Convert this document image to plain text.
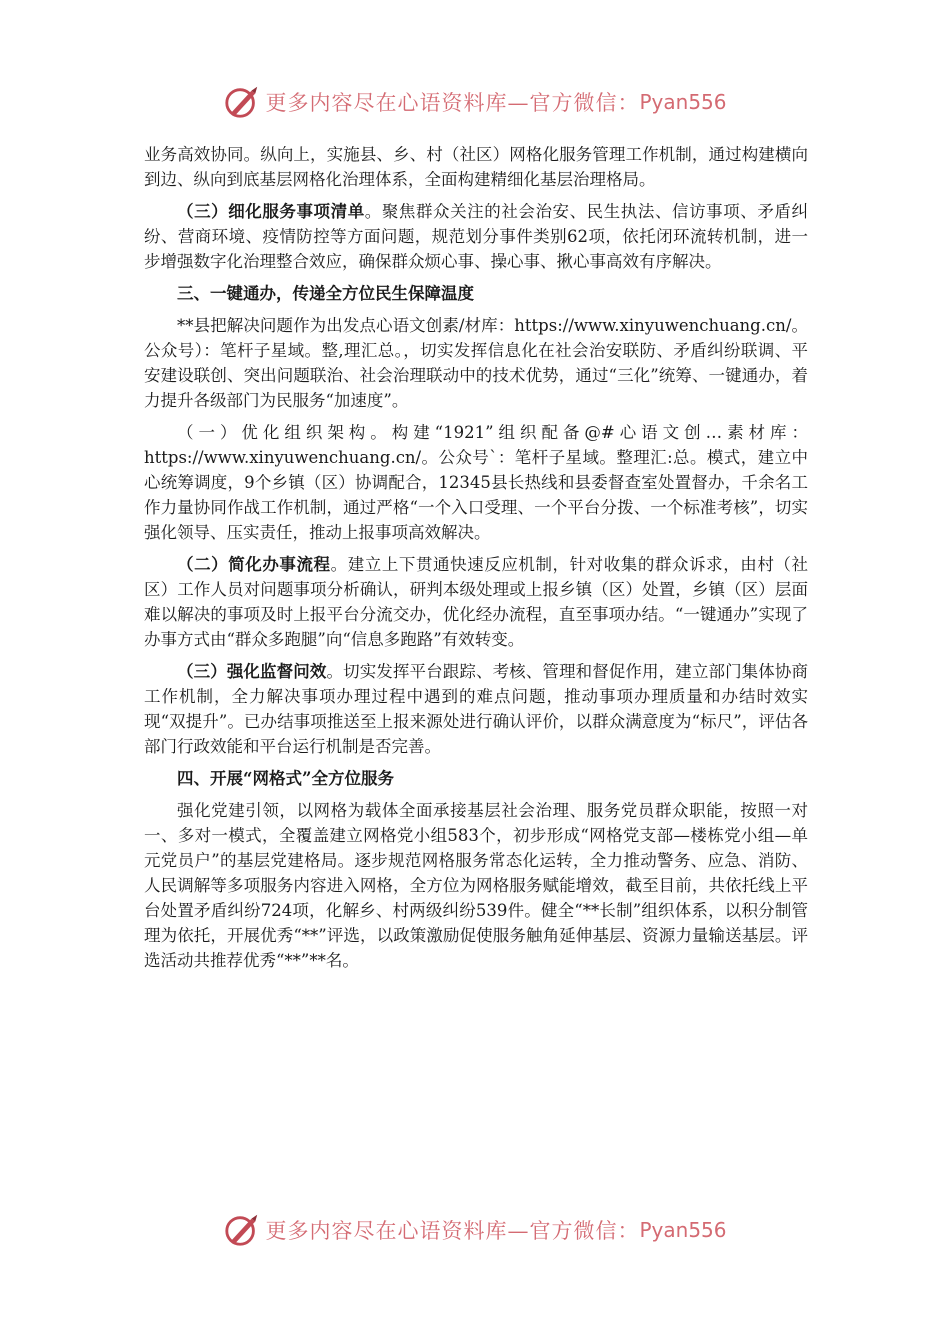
更多内容尽在心语资料库—官方微信： Pyan556

业务高效协同。纵向上，实施县、乡、村（社区）网格化服务管理工作机制，通过构建横向到边、纵向到底基层网格化治理体系，全面构建精细化基层治理格局。

（三）细化服务事项清单。聚焦群众关注的社会治安、民生执法、信访事项、矛盾纠纷、营商环境、疫情防控等方面问题，规范划分事件类别62项，依托闭环流转机制，进一步增强数字化治理整合效应，确保群众烦心事、操心事、揪心事高效有序解决。

三、一键通办，传递全方位民生保障温度

**县把解决问题作为出发点心语文创素/材库：https://www.xinyuwenchuang.cn/。公众号）：笔杆子星域。整,理汇总。，切实发挥信息化在社会治安联防、矛盾纠纷联调、平安建设联创、突出问题联治、社会治理联动中的技术优势，通过“三化”统筹、一键通办，着力提升各级部门为民服务“加速度”。

（一）优化组织架构。构建“1921”组织配备@#心语文创…素材库：https://www.xinyuwenchuang.cn/。公众号`：笔杆子星域。整理汇:总。模式，建立中心统筹调度，9个乡镇（区）协调配合，12345县长热线和县委督查室处置督办，千余名工作力量协同作战工作机制，通过严格“一个入口受理、一个平台分拨、一个标准考核”，切实强化领导、压实责任，推动上报事项高效解决。

（二）简化办事流程。建立上下贯通快速反应机制，针对收集的群众诉求，由村（社区）工作人员对问题事项分析确认，研判本级处理或上报乡镇（区）处置，乡镇（区）层面难以解决的事项及时上报平台分流交办，优化经办流程，直至事项办结。“一键通办”实现了办事方式由“群众多跑腿”向“信息多跑路”有效转变。

（三）强化监督问效。切实发挥平台跟踪、考核、管理和督促作用，建立部门集体协商工作机制，全力解决事项办理过程中遇到的难点问题，推动事项办理质量和办结时效实现“双提升”。已办结事项推送至上报来源处进行确认评价，以群众满意度为“标尺”，评估各部门行政效能和平台运行机制是否完善。

四、开展“网格式”全方位服务

强化党建引领，以网格为载体全面承接基层社会治理、服务党员群众职能，按照一对一、多对一模式，全覆盖建立网格党小组583个，初步形成“网格党支部—楼栋党小组—单元党员户”的基层党建格局。逐步规范网格服务常态化运转，全力推动警务、应急、消防、人民调解等多项服务内容进入网格，全方位为网格服务赋能增效，截至目前，共依托线上平台处置矛盾纠纷724项，化解乡、村两级纠纷539件。健全“**长制”组织体系，以积分制管理为依托，开展优秀“**”评选，以政策激励促使服务触角延伸基层、资源力量输送基层。评选活动共推荐优秀“**”**名。

更多内容尽在心语资料库—官方微信： Pyan556
